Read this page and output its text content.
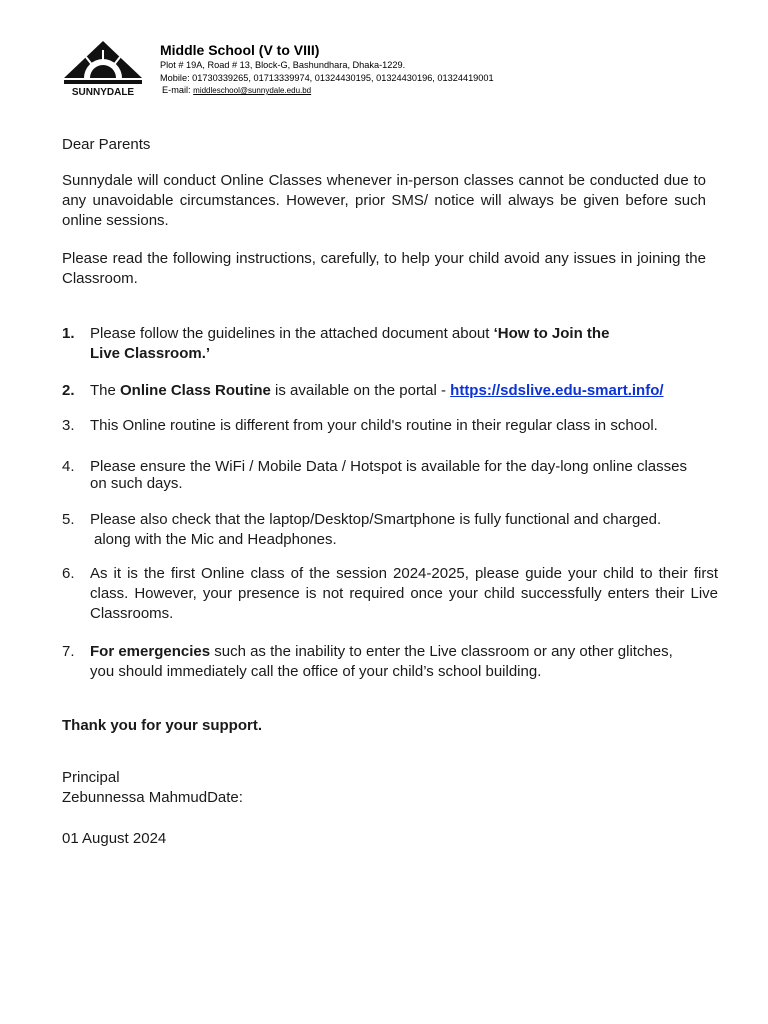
SUNNYDALE
Middle School (V to VIII)
Plot # 19A, Road # 13, Block-G, Bashundhara, Dhaka-1229.
Mobile: 01730339265, 01713339974, 01324430195, 01324430196, 01324419001
E-mail: middleschool@sunnydale.edu.bd
Dear Parents
Sunnydale will conduct Online Classes whenever in-person classes cannot be conducted due to any unavoidable circumstances. However, prior SMS/ notice will always be given before such online sessions.
Please read the following instructions, carefully, to help your child avoid any issues in joining the Classroom.
1.	Please follow the guidelines in the attached document about ‘How to Join the
Live Classroom.’
2.	The Online Class Routine is available on the portal - https://sdslive.edu-smart.info/
3.	This Online routine is different from your child's routine in their regular class in school.
4.	Please ensure the WiFi / Mobile Data / Hotspot is available for the day-long online classes
on such days.
5.	Please also check that the laptop/Desktop/Smartphone is fully functional and charged.
along with the Mic and Headphones.
6.	As it is the first Online class of the session 2024-2025, please guide your child to their first class. However, your presence is not required once your child successfully enters their Live Classrooms.
7.	For emergencies such as the inability to enter the Live classroom or any other glitches,
you should immediately call the office of your child’s school building.
Thank you for your support.
Principal
Zebunnessa MahmudDate:
01 August 2024
